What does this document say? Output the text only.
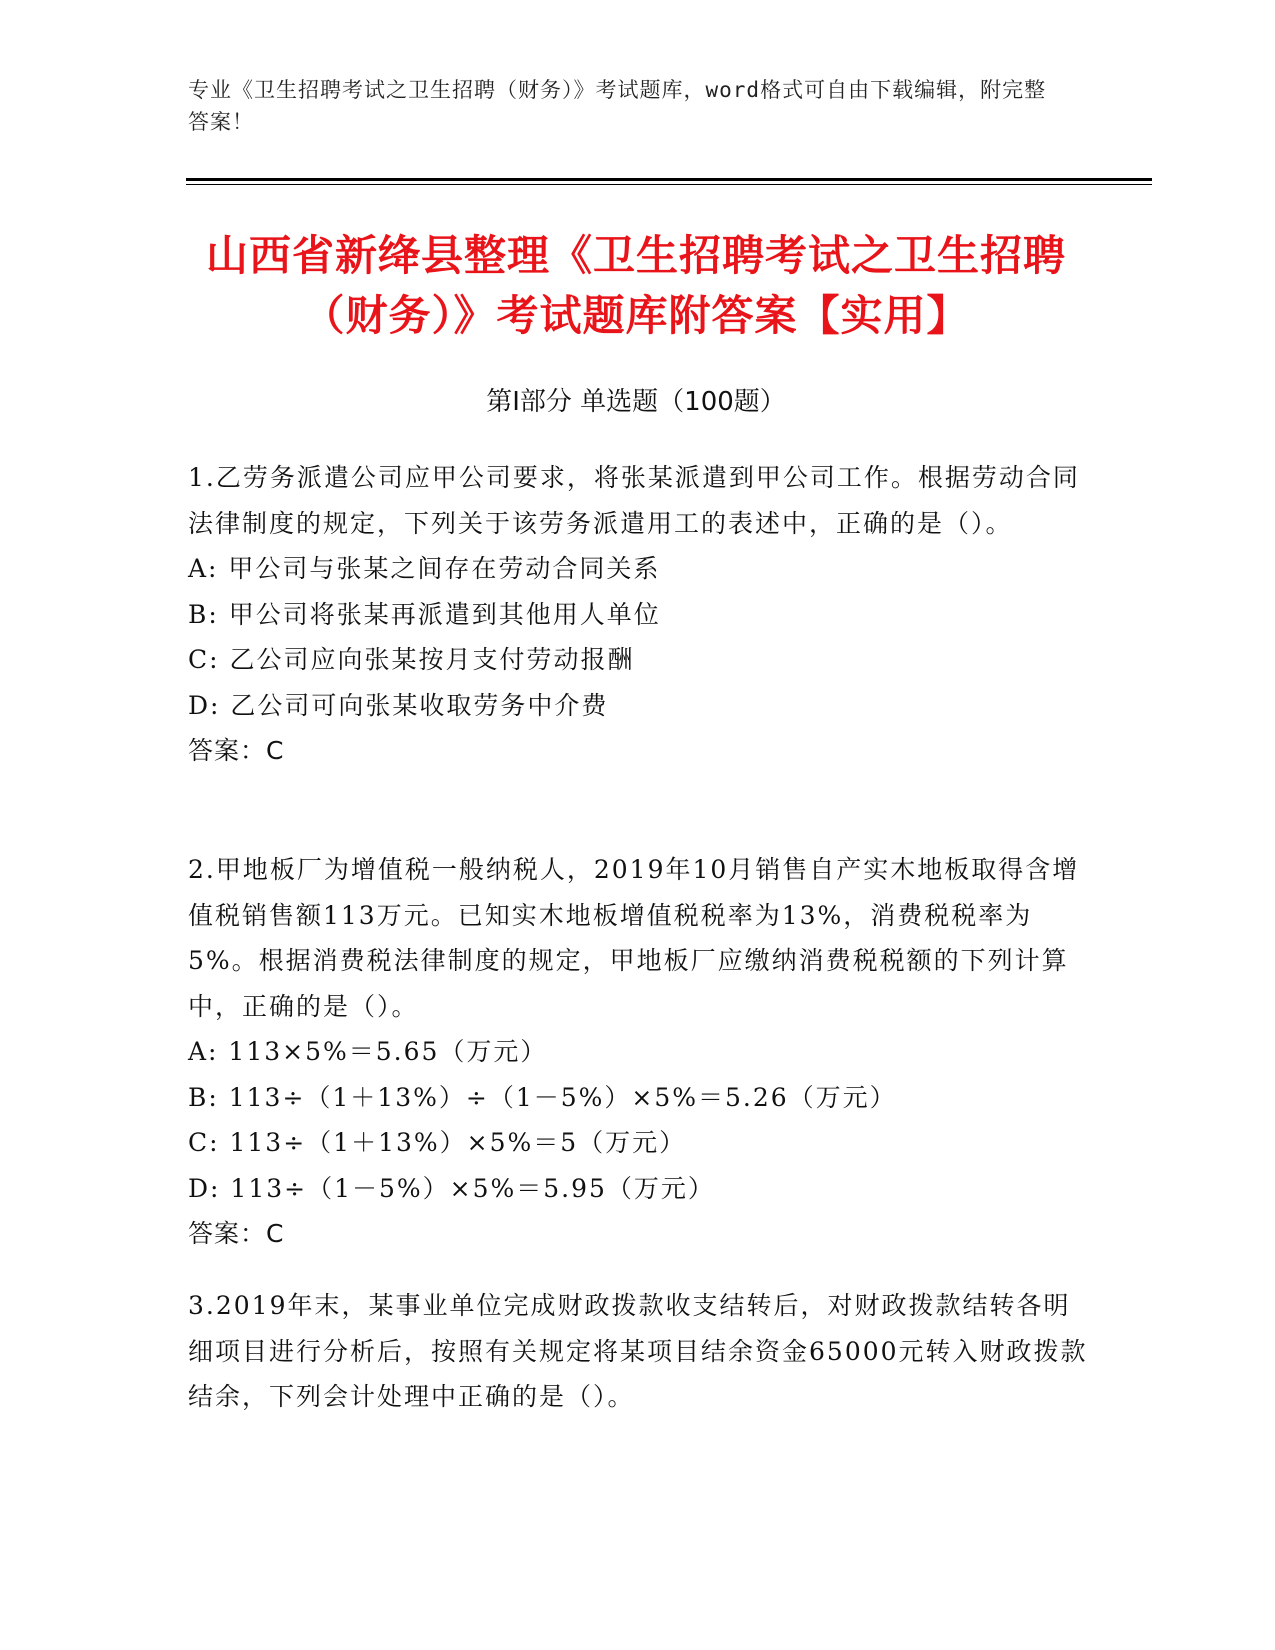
专业《卫生招聘考试之卫生招聘（财务）》考试题库，word格式可自由下载编辑，附完整答案！
山西省新绛县整理《卫生招聘考试之卫生招聘（财务）》考试题库附答案【实用】
第I部分 单选题（100题）
1.乙劳务派遣公司应甲公司要求，将张某派遣到甲公司工作。根据劳动合同法律制度的规定，下列关于该劳务派遣用工的表述中，正确的是（）。
A: 甲公司与张某之间存在劳动合同关系
B: 甲公司将张某再派遣到其他用人单位
C: 乙公司应向张某按月支付劳动报酬
D: 乙公司可向张某收取劳务中介费
答案：C
2.甲地板厂为增值税一般纳税人，2019年10月销售自产实木地板取得含增值税销售额113万元。已知实木地板增值税税率为13%，消费税税率为5%。根据消费税法律制度的规定，甲地板厂应缴纳消费税税额的下列计算中，正确的是（）。
A: 113×5%＝5.65（万元）
B: 113÷（1＋13%）÷（1－5%）×5%＝5.26（万元）
C: 113÷（1＋13%）×5%＝5（万元）
D: 113÷（1－5%）×5%＝5.95（万元）
答案：C
3.2019年末，某事业单位完成财政拨款收支结转后，对财政拨款结转各明细项目进行分析后，按照有关规定将某项目结余资金65000元转入财政拨款结余，下列会计处理中正确的是（）。
